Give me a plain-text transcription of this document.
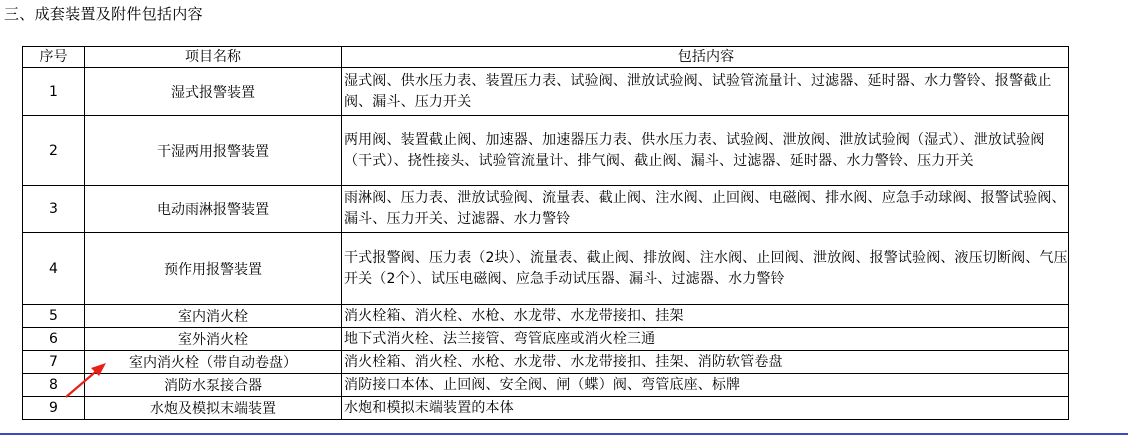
三、成套装置及附件包括内容
序号	项目名称	包括内容
1	湿式报警装置	湿式阀、供水压力表、装置压力表、试验阀、泄放试验阀、试验管流量计、过滤器、延时器、水力警铃、报警截止阀、漏斗、压力开关
2	干湿两用报警装置	两用阀、装置截止阀、加速器、加速器压力表、供水压力表、试验阀、泄放阀、泄放试验阀（湿式）、泄放试验阀（干式）、挠性接头、试验管流量计、排气阀、截止阀、漏斗、过滤器、延时器、水力警铃、压力开关
3	电动雨淋报警装置	雨淋阀、压力表、泄放试验阀、流量表、截止阀、注水阀、止回阀、电磁阀、排水阀、应急手动球阀、报警试验阀、漏斗、压力开关、过滤器、水力警铃
4	预作用报警装置	干式报警阀、压力表（2块）、流量表、截止阀、排放阀、注水阀、止回阀、泄放阀、报警试验阀、液压切断阀、气压开关（2个）、试压电磁阀、应急手动试压器、漏斗、过滤器、水力警铃
5	室内消火栓	消火栓箱、消火栓、水枪、水龙带、水龙带接扣、挂架
6	室外消火栓	地下式消火栓、法兰接管、弯管底座或消火栓三通
7	室内消火栓（带自动卷盘）	消火栓箱、消火栓、水枪、水龙带、水龙带接扣、挂架、消防软管卷盘
8	消防水泵接合器	消防接口本体、止回阀、安全阀、闸（蝶）阀、弯管底座、标牌
9	水炮及模拟末端装置	水炮和模拟末端装置的本体
